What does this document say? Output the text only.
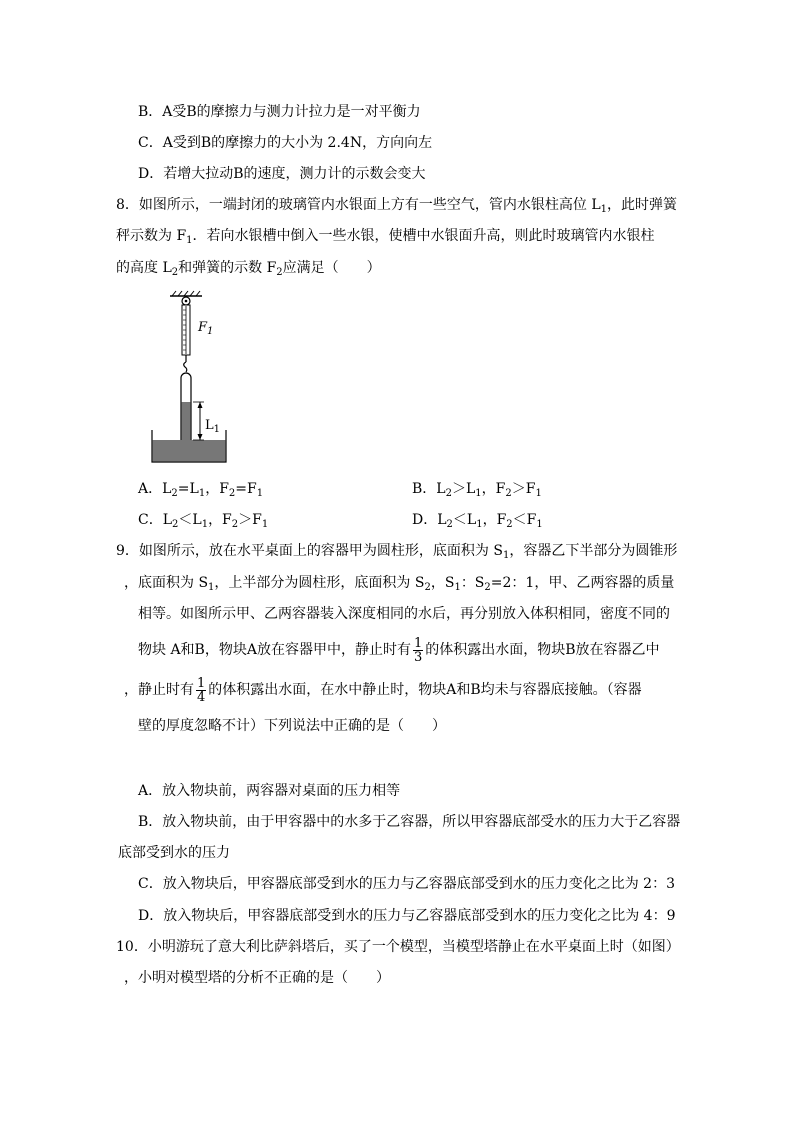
B．A受B的摩擦力与测力计拉力是一对平衡力
C．A受到B的摩擦力的大小为 2.4N，方向向左
D．若增大拉动B的速度，测力计的示数会变大
8．如图所示，一端封闭的玻璃管内水银面上方有一些空气，管内水银柱高位 $L_1$，此时弹簧
秤示数为 $F_1$．若向水银槽中倒入一些水银，使槽中水银面升高，则此时玻璃管内水银柱
的高度 $L_2$和弹簧的示数 $F_2$应满足（　　）
$F_1$
$L_1$
A．$L_2=L_1$，$F_2=F_1$	B．$L_2>L_1$，$F_2>F_1$
C．$L_2<L_1$，$F_2>F_1$	D．$L_2<L_1$，$F_2<F_1$
9．如图所示，放在水平桌面上的容器甲为圆柱形，底面积为 $S_1$，容器乙下半部分为圆锥形
，底面积为 $S_1$，上半部分为圆柱形，底面积为 $S_2$，$S_1$：$S_2=2$：1，甲、乙两容器的质量
相等。如图所示甲、乙两容器装入深度相同的水后，再分别放入体积相同，密度不同的
物块 A和B，物块A放在容器甲中，静止时有 $\frac{1}{3}$ 的体积露出水面，物块B放在容器乙中
，静止时有 $\frac{1}{4}$ 的体积露出水面，在水中静止时，物块A和B均未与容器底接触。（容器
壁的厚度忽略不计）下列说法中正确的是（　　）
A．放入物块前，两容器对桌面的压力相等
B．放入物块前，由于甲容器中的水多于乙容器，所以甲容器底部受水的压力大于乙容器
底部受到水的压力
C．放入物块后，甲容器底部受到水的压力与乙容器底部受到水的压力变化之比为 2：3
D．放入物块后，甲容器底部受到水的压力与乙容器底部受到水的压力变化之比为 4：9
10．小明游玩了意大利比萨斜塔后，买了一个模型，当模型塔静止在水平桌面上时（如图）
，小明对模型塔的分析不正确的是（　　）
